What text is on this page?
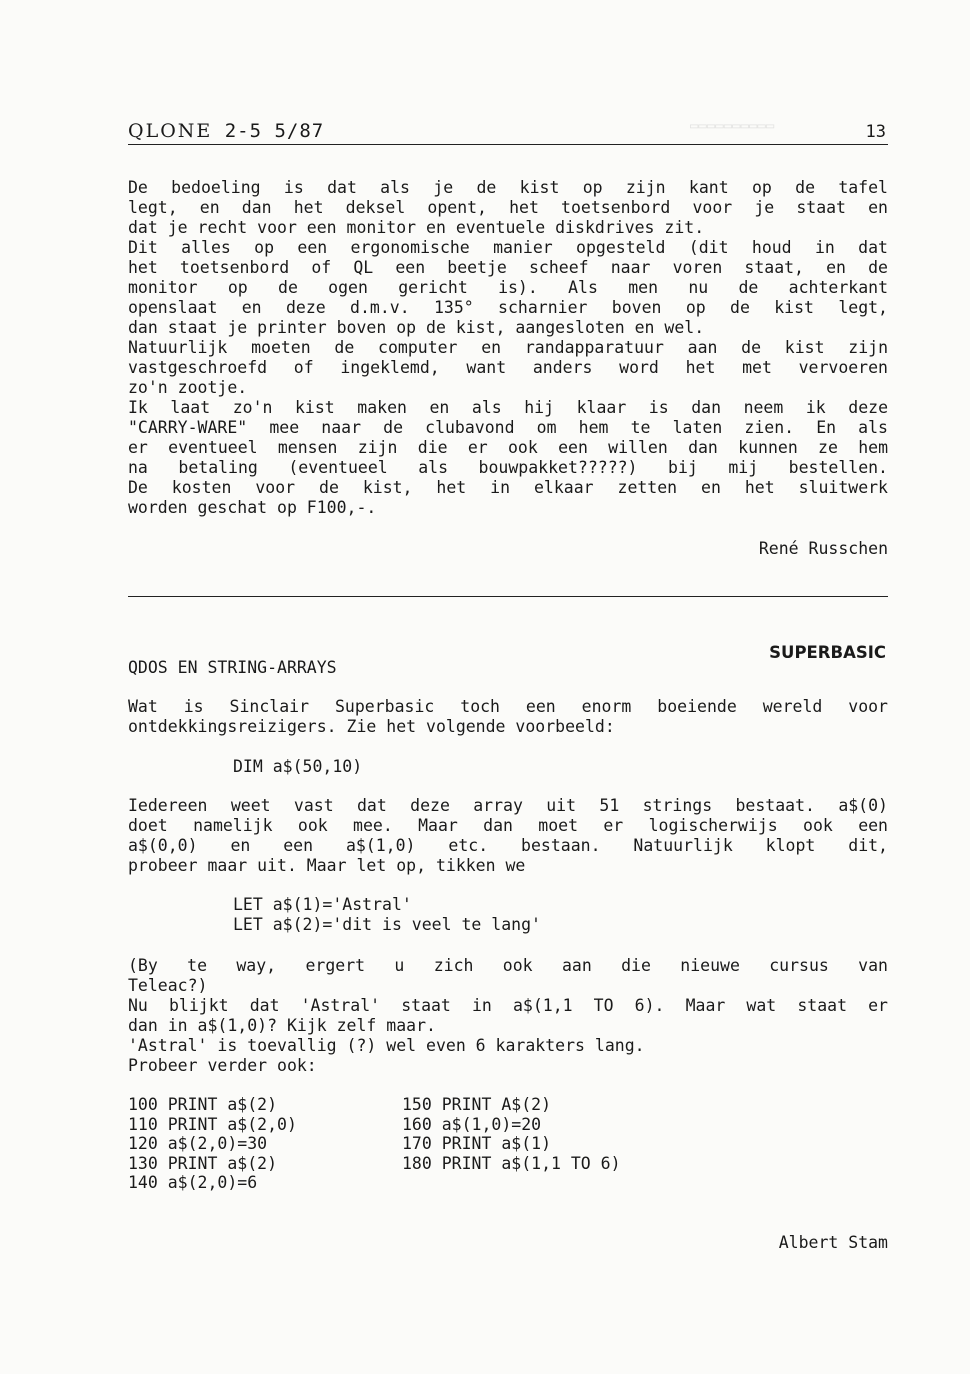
▭▭▭▭▭▭▭▭▭▭
QLONE 2-5 5/87	13
De bedoeling is dat als je de kist op zijn kant op de tafel
legt, en dan het deksel opent, het toetsenbord voor je staat en
dat je recht voor een monitor en eventuele diskdrives zit.
Dit alles op een ergonomische manier opgesteld (dit houd in dat
het toetsenbord of QL een beetje scheef naar voren staat, en de
monitor op de ogen gericht is). Als men nu de achterkant
openslaat en deze d.m.v. 135° scharnier boven op de kist legt,
dan staat je printer boven op de kist, aangesloten en wel.
Natuurlijk moeten de computer en randapparatuur aan de kist zijn
vastgeschroefd of ingeklemd, want anders word het met vervoeren
zo'n zootje.
Ik laat zo'n kist maken en als hij klaar is dan neem ik deze
"CARRY-WARE" mee naar de clubavond om hem te laten zien. En als
er eventueel mensen zijn die er ook een willen dan kunnen ze hem
na betaling (eventueel als bouwpakket?????) bij mij bestellen.
De kosten voor de kist, het in elkaar zetten en het sluitwerk
worden geschat op F100,-.
René Russchen
SUPERBASIC
QDOS EN STRING-ARRAYS
Wat is Sinclair Superbasic toch een enorm boeiende wereld voor
ontdekkingsreizigers. Zie het volgende voorbeeld:
DIM a$(50,10)
Iedereen weet vast dat deze array uit 51 strings bestaat. a$(0)
doet namelijk ook mee. Maar dan moet er logischerwijs ook een
a$(0,0) en een a$(1,0) etc. bestaan. Natuurlijk klopt dit,
probeer maar uit. Maar let op, tikken we
LET a$(1)='Astral'
LET a$(2)='dit is veel te lang'
(By te way, ergert u zich ook aan die nieuwe cursus van
Teleac?)
Nu blijkt dat 'Astral' staat in a$(1,1 TO 6). Maar wat staat er
dan in a$(1,0)? Kijk zelf maar.
'Astral' is toevallig (?) wel even 6 karakters lang.
Probeer verder ook:
100 PRINT a$(2)
110 PRINT a$(2,0)
120 a$(2,0)=30
130 PRINT a$(2)
140 a$(2,0)=6
150 PRINT A$(2)
160 a$(1,0)=20
170 PRINT a$(1)
180 PRINT a$(1,1 TO 6)
Albert Stam
